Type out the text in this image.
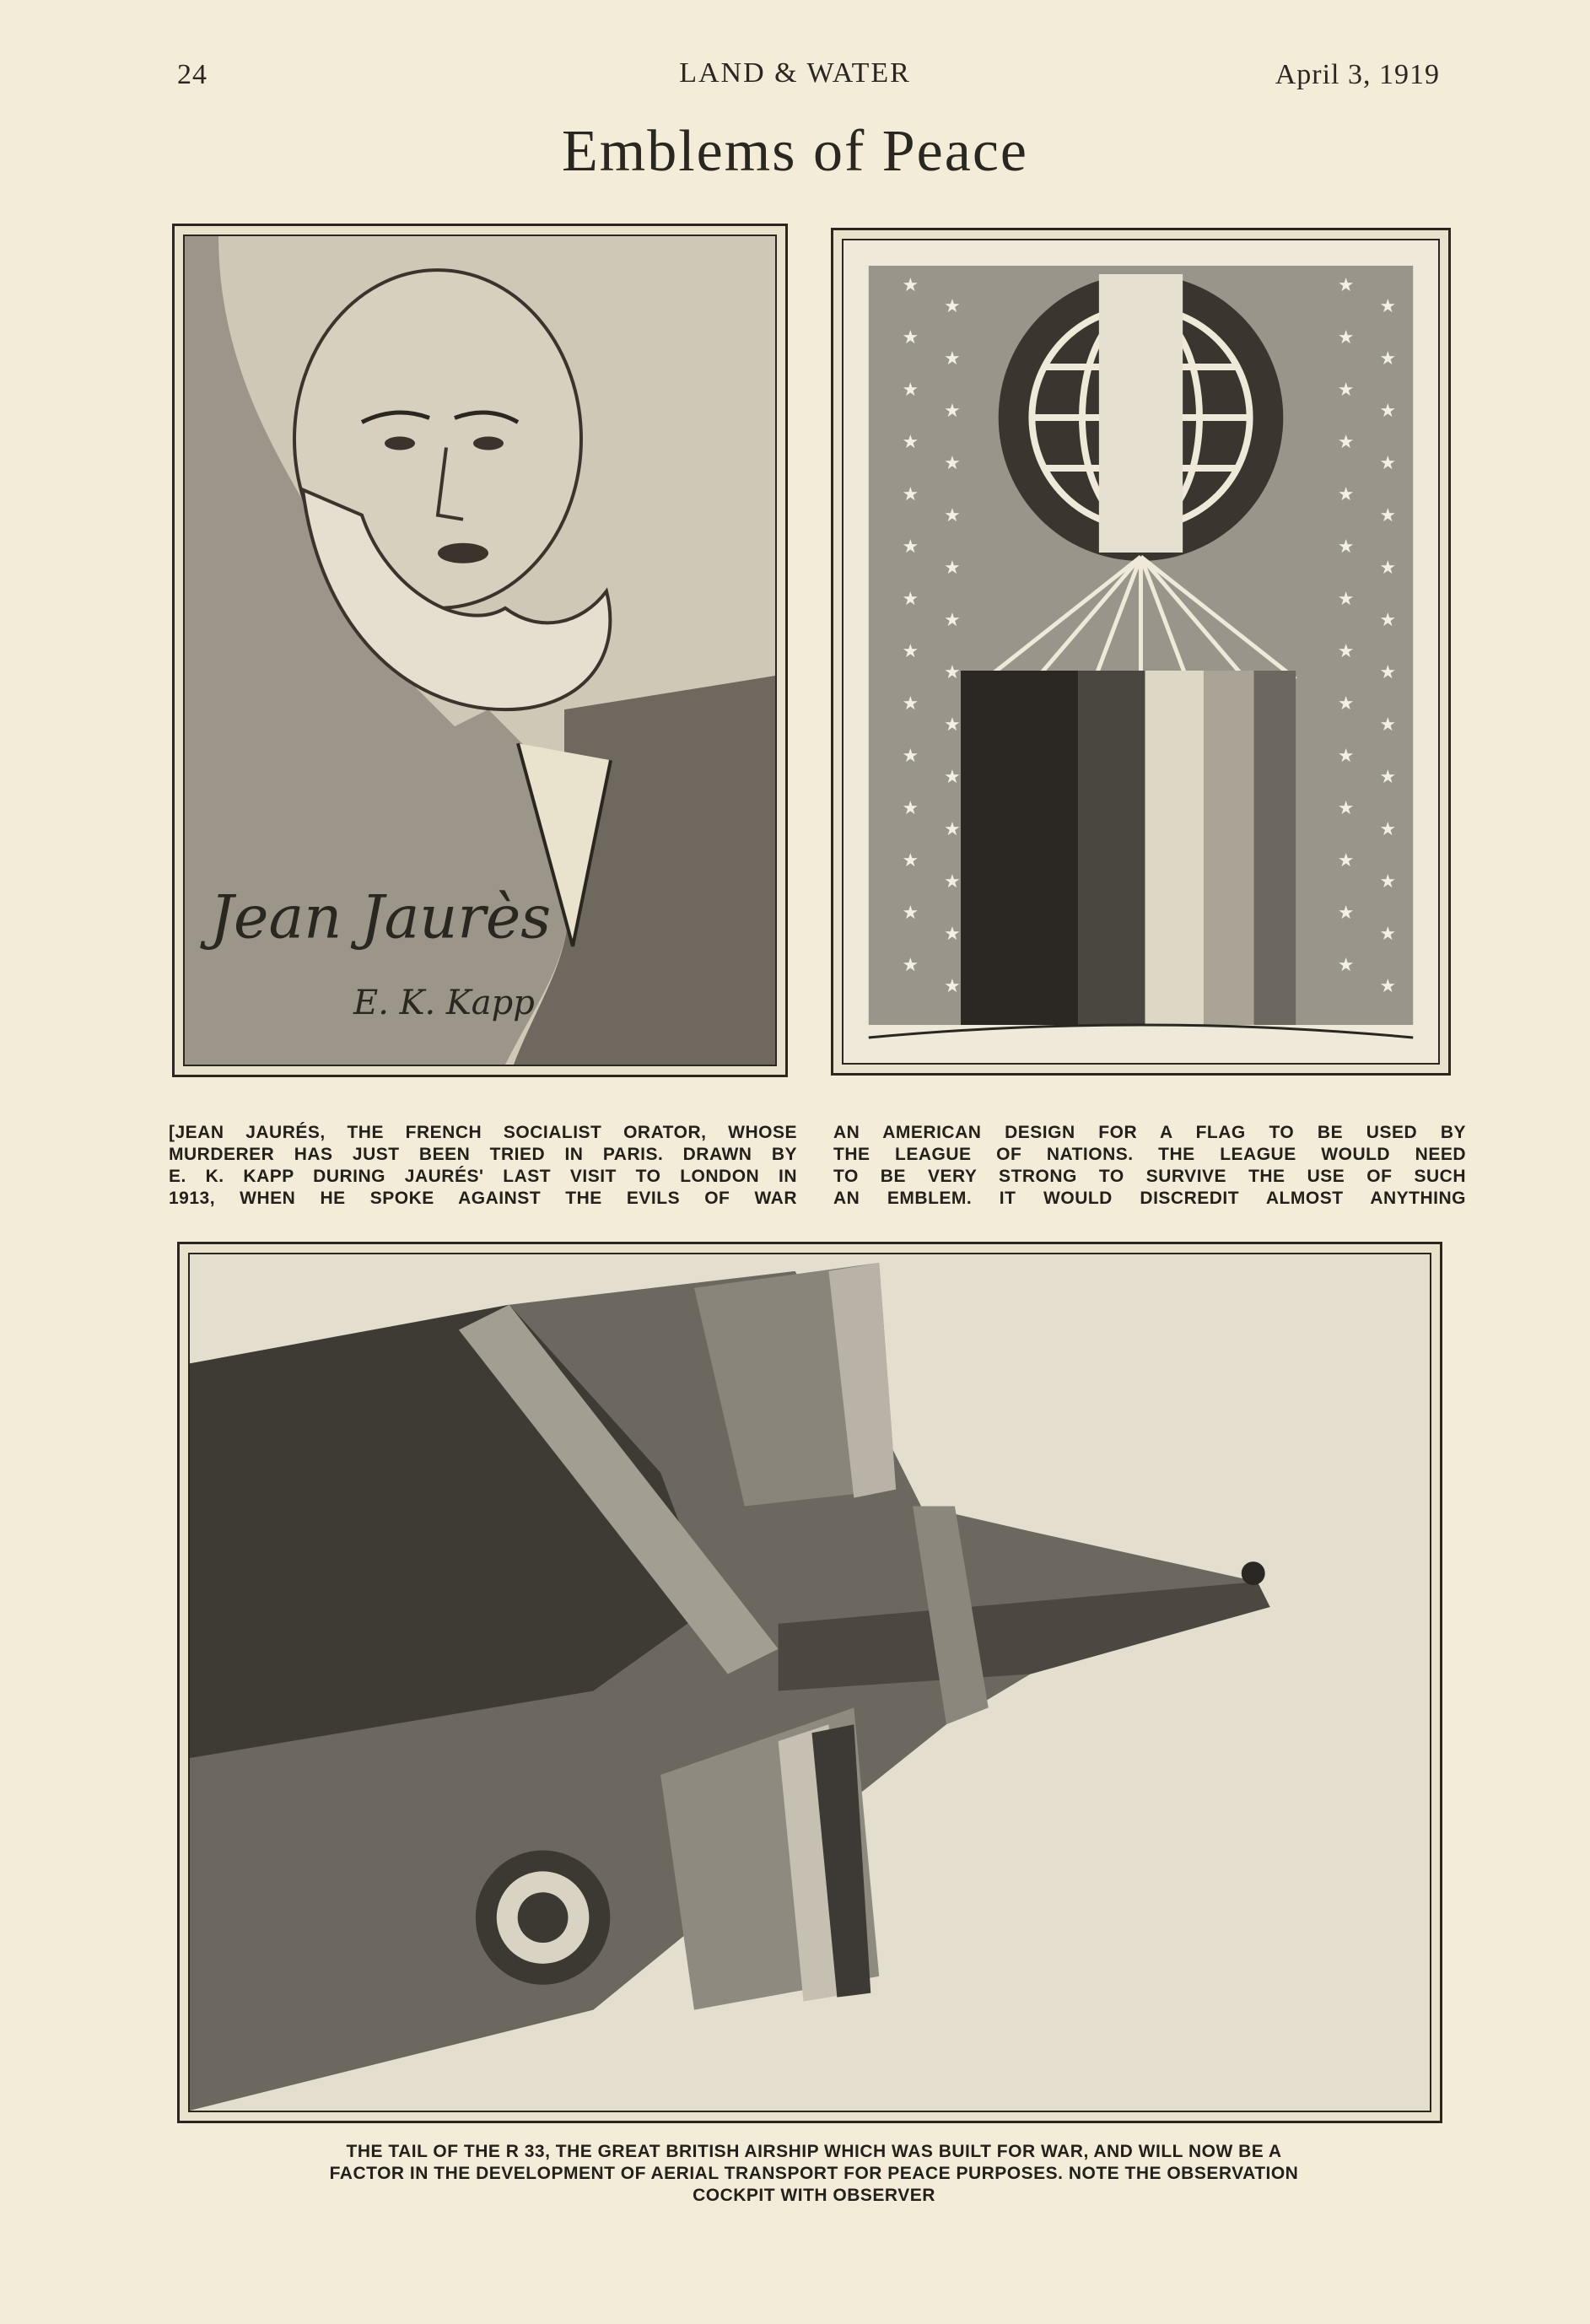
24	LAND & WATER	April 3, 1919
Emblems of Peace
Jean Jaurès
E. K. Kapp
★
★
★
★
★
★
★
★
★
★
★
★
★
★
★
★
★
★
★
★
★
★
★
★
★
★
★
★
★
★
★
★
★
★
★
★
★
★
★
★
★
★
★
★
★
★
★
★
★
★
★
★
★
★
★
★
[JEAN JAURÉS, THE FRENCH SOCIALIST ORATOR, WHOSE
MURDERER HAS JUST BEEN TRIED IN PARIS. DRAWN BY
E. K. KAPP DURING JAURÉS' LAST VISIT TO LONDON IN
1913, WHEN HE SPOKE AGAINST THE EVILS OF WAR
AN AMERICAN DESIGN FOR A FLAG TO BE USED BY
THE LEAGUE OF NATIONS. THE LEAGUE WOULD NEED
TO BE VERY STRONG TO SURVIVE THE USE OF SUCH
AN EMBLEM. IT WOULD DISCREDIT ALMOST ANYTHING
THE TAIL OF THE R 33, THE GREAT BRITISH AIRSHIP WHICH WAS BUILT FOR WAR, AND WILL NOW BE A
FACTOR IN THE DEVELOPMENT OF AERIAL TRANSPORT FOR PEACE PURPOSES. NOTE THE OBSERVATION
COCKPIT WITH OBSERVER
